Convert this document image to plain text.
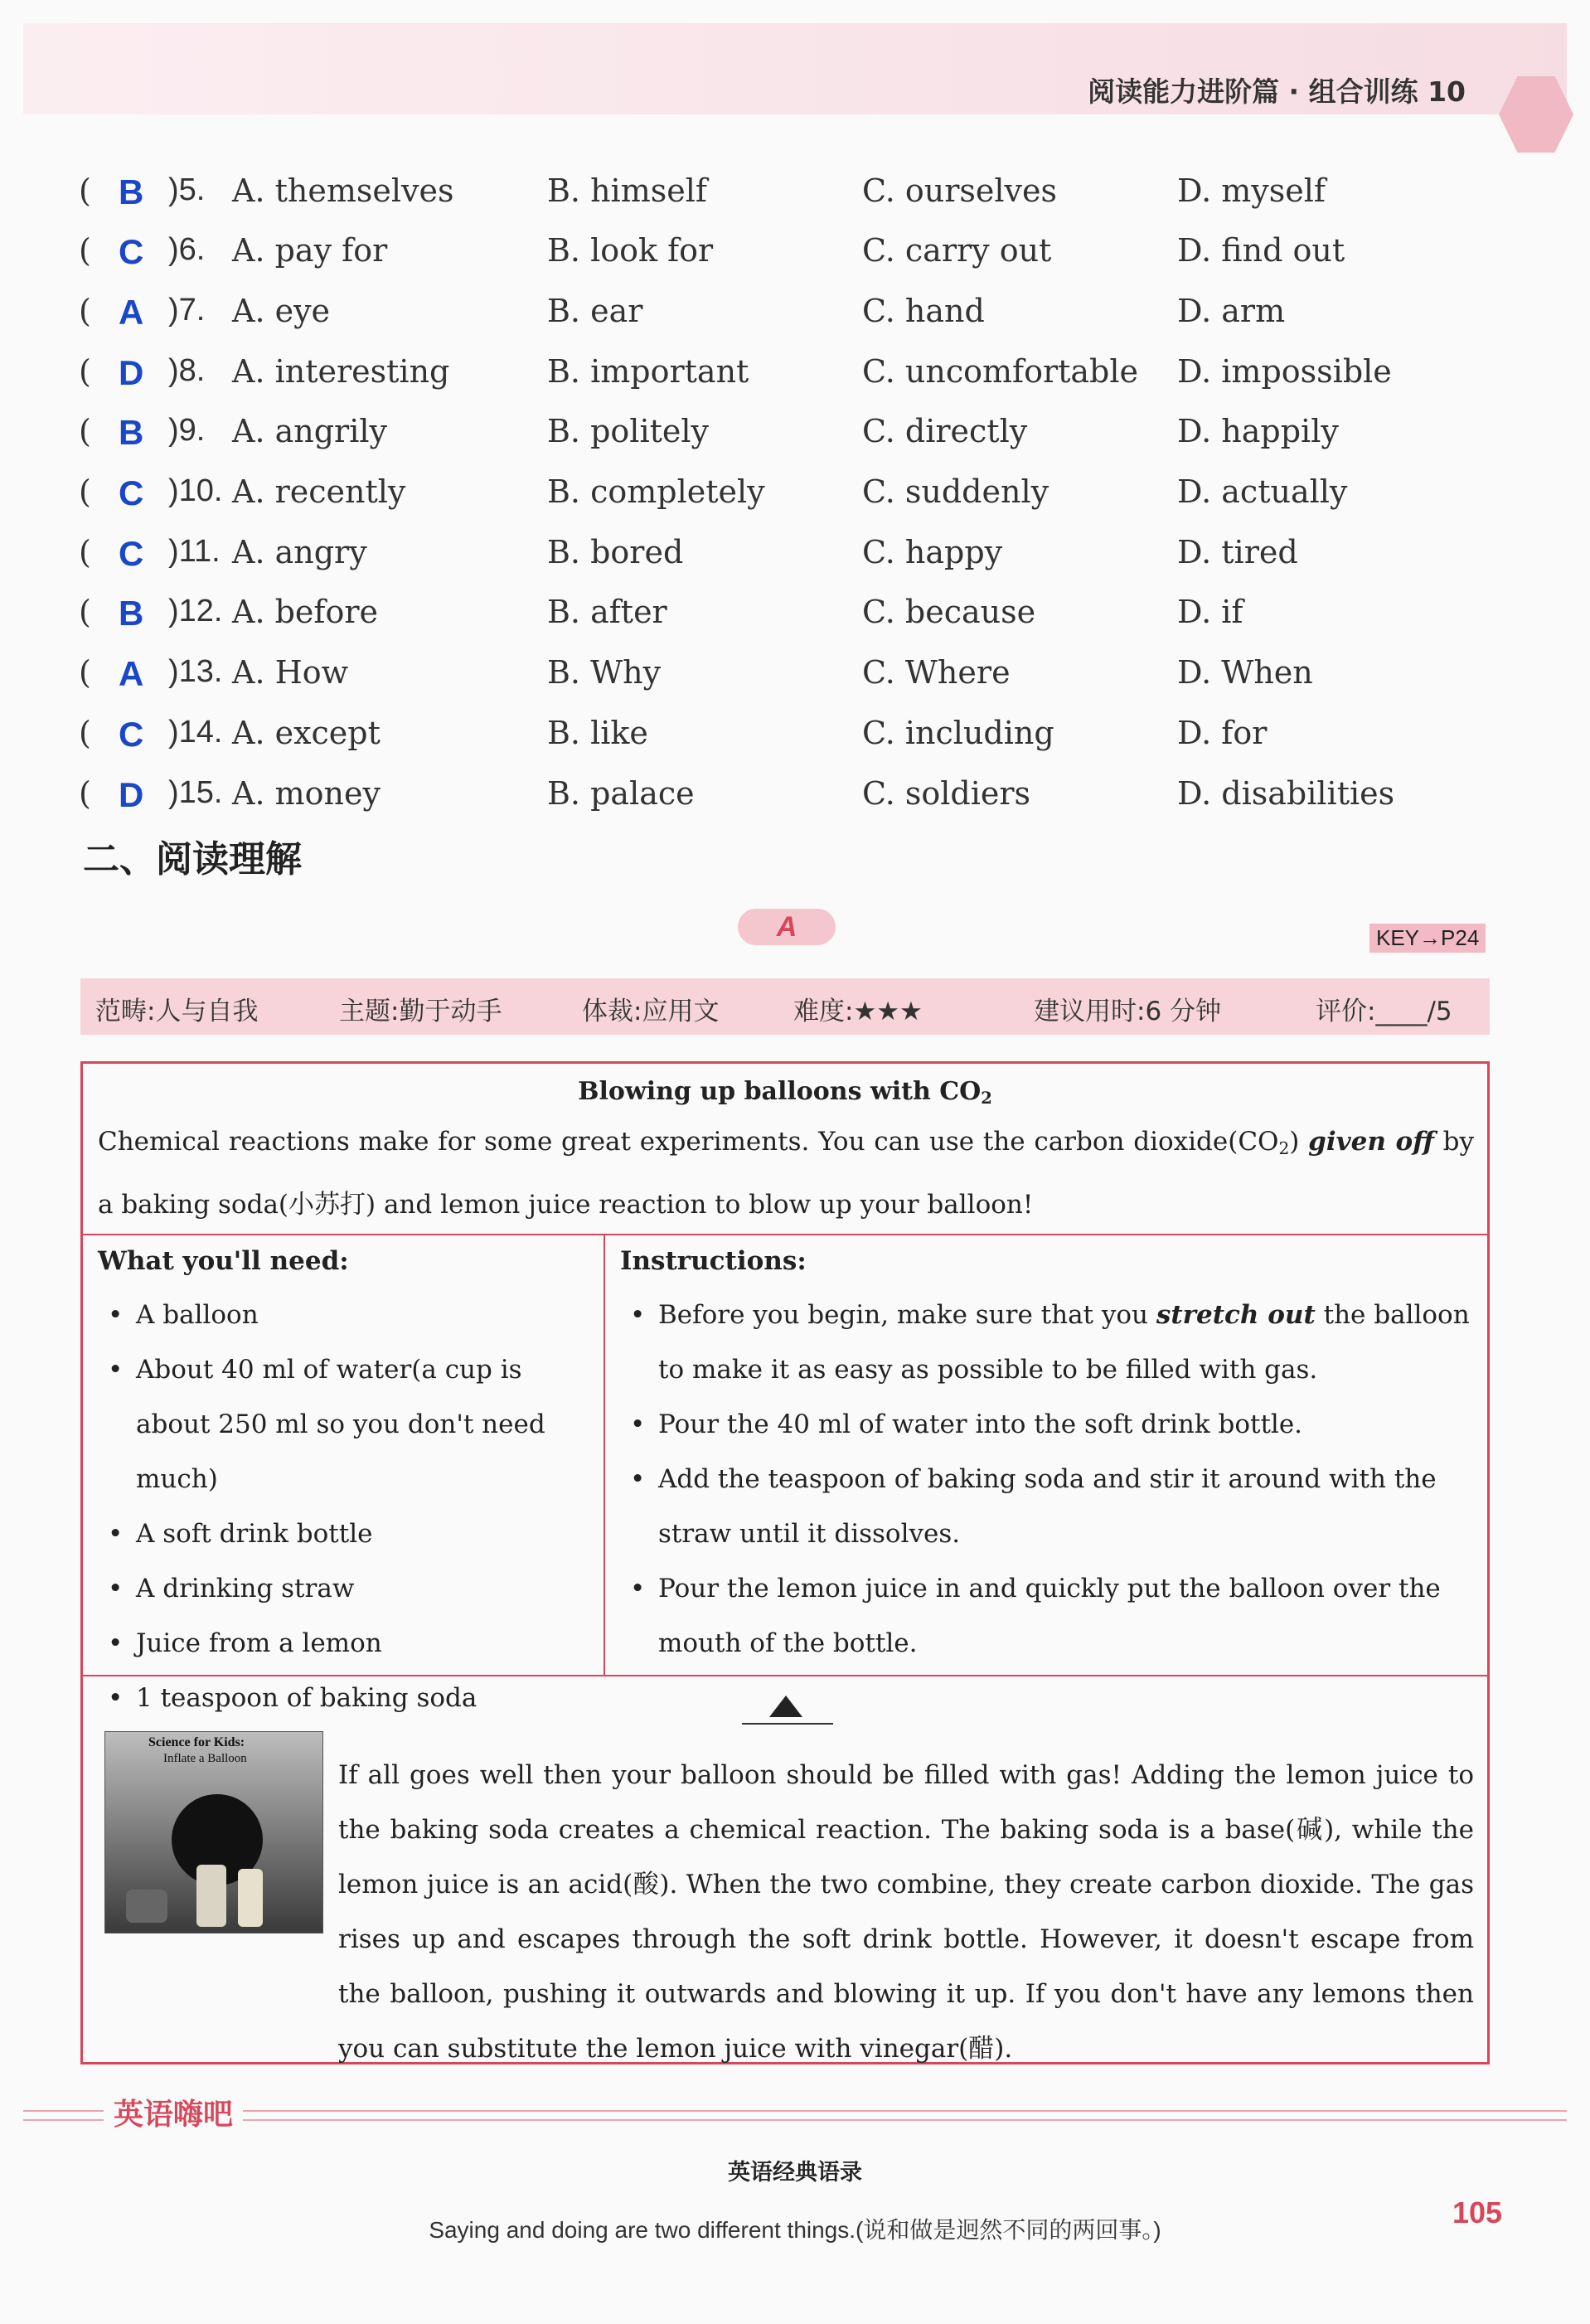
阅读能力进阶篇 · 组合训练 10
( B )5. A. themselves	B. himself	C. ourselves	D. myself
( C )6. A. pay for	B. look for	C. carry out	D. find out
( A )7. A. eye	B. ear	C. hand	D. arm
( D )8. A. interesting	B. important	C. uncomfortable D. impossible
( B )9. A. angrily	B. politely	C. directly	D. happily
( C )10. A. recently	B. completely	C. suddenly	D. actually
( C )11. A. angry	B. bored	C. happy	D. tired
( B )12. A. before	B. after	C. because	D. if
( A )13. A. How	B. Why	C. Where	D. When
( C )14. A. except	B. like	C. including	D. for
( D )15. A. money	B. palace	C. soldiers	D. disabilities
二、阅读理解
A	KEY→P24
范畴:人与自我	主题:勤于动手	体裁:应用文	难度:★★★	建议用时:6 分钟	评价:____/5
Blowing up balloons with $CO_2$
Chemical reactions make for some great experiments. You can use the carbon $dioxide(CO_2)$ given off by a baking soda(小苏打) and lemon juice reaction to blow up your balloon!
What you'll need:
• A balloon
• About 40 ml of water(a cup is about 250 ml so you don't need much)
• A soft drink bottle
• A drinking straw
• Juice from a lemon
• 1 teaspoon of baking soda
Instructions:
• Before you begin, make sure that you stretch out the balloon to make it as easy as possible to be filled with gas.
• Pour the 40 ml of water into the soft drink bottle.
• Add the teaspoon of baking soda and stir it around with the straw until it dissolves.
• Pour the lemon juice in and quickly put the balloon over the mouth of the bottle.
Science for Kids:
Inflate a Balloon

If all goes well then your balloon should be filled with gas! Adding the lemon juice to the baking soda creates a chemical reaction. The baking soda is a base(碱), while the lemon juice is an acid(酸). When the two combine, they create carbon dioxide. The gas rises up and escapes through the soft drink bottle. However, it doesn't escape from the balloon, pushing it outwards and blowing it up. If you don't have any lemons then you can substitute the lemon juice with vinegar(醋).

英语嗨吧
英语经典语录
Saying and doing are two different things.(说和做是迥然不同的两回事。)
105
